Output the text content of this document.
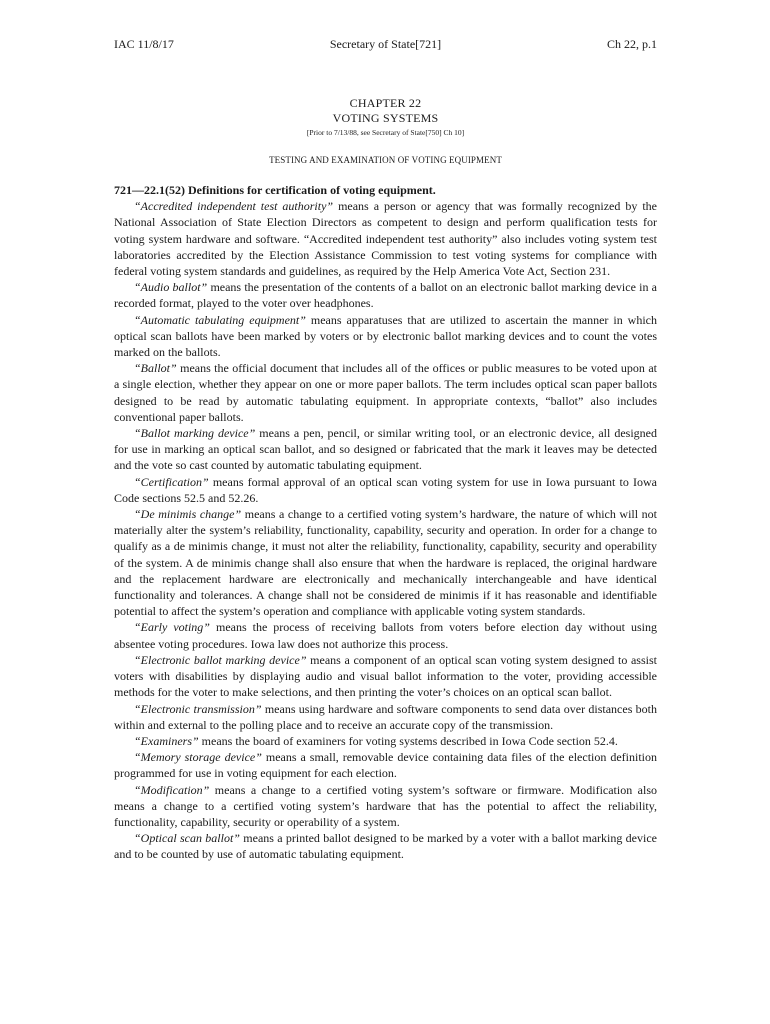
IAC 11/8/17	Secretary of State[721]	Ch 22, p.1
CHAPTER 22
VOTING SYSTEMS
[Prior to 7/13/88, see Secretary of State[750] Ch 10]
TESTING AND EXAMINATION OF VOTING EQUIPMENT

721—22.1(52) Definitions for certification of voting equipment.

“Accredited independent test authority” means a person or agency that was formally recognized by the National Association of State Election Directors as competent to design and perform qualification tests for voting system hardware and software. “Accredited independent test authority” also includes voting system test laboratories accredited by the Election Assistance Commission to test voting systems for compliance with federal voting system standards and guidelines, as required by the Help America Vote Act, Section 231.

“Audio ballot” means the presentation of the contents of a ballot on an electronic ballot marking device in a recorded format, played to the voter over headphones.

“Automatic tabulating equipment” means apparatuses that are utilized to ascertain the manner in which optical scan ballots have been marked by voters or by electronic ballot marking devices and to count the votes marked on the ballots.

“Ballot” means the official document that includes all of the offices or public measures to be voted upon at a single election, whether they appear on one or more paper ballots. The term includes optical scan paper ballots designed to be read by automatic tabulating equipment. In appropriate contexts, “ballot” also includes conventional paper ballots.

“Ballot marking device” means a pen, pencil, or similar writing tool, or an electronic device, all designed for use in marking an optical scan ballot, and so designed or fabricated that the mark it leaves may be detected and the vote so cast counted by automatic tabulating equipment.

“Certification” means formal approval of an optical scan voting system for use in Iowa pursuant to Iowa Code sections 52.5 and 52.26.

“De minimis change” means a change to a certified voting system’s hardware, the nature of which will not materially alter the system’s reliability, functionality, capability, security and operation. In order for a change to qualify as a de minimis change, it must not alter the reliability, functionality, capability, security and operability of the system. A de minimis change shall also ensure that when the hardware is replaced, the original hardware and the replacement hardware are electronically and mechanically interchangeable and have identical functionality and tolerances. A change shall not be considered de minimis if it has reasonable and identifiable potential to affect the system’s operation and compliance with applicable voting system standards.

“Early voting” means the process of receiving ballots from voters before election day without using absentee voting procedures. Iowa law does not authorize this process.

“Electronic ballot marking device” means a component of an optical scan voting system designed to assist voters with disabilities by displaying audio and visual ballot information to the voter, providing accessible methods for the voter to make selections, and then printing the voter’s choices on an optical scan ballot.

“Electronic transmission” means using hardware and software components to send data over distances both within and external to the polling place and to receive an accurate copy of the transmission.

“Examiners” means the board of examiners for voting systems described in Iowa Code section 52.4.

“Memory storage device” means a small, removable device containing data files of the election definition programmed for use in voting equipment for each election.

“Modification” means a change to a certified voting system’s software or firmware. Modification also means a change to a certified voting system’s hardware that has the potential to affect the reliability, functionality, capability, security or operability of a system.

“Optical scan ballot” means a printed ballot designed to be marked by a voter with a ballot marking device and to be counted by use of automatic tabulating equipment.
